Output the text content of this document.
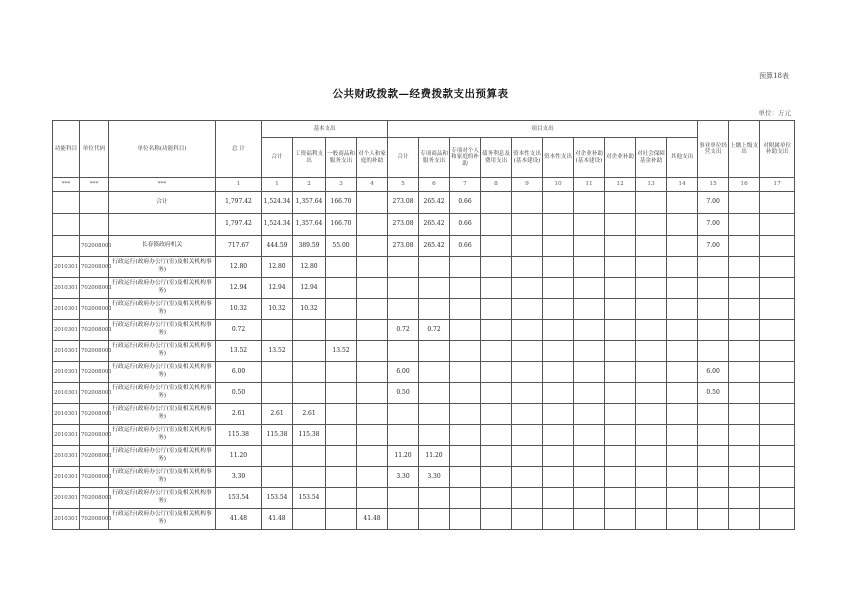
预算18表
公共财政拨款—经费拨款支出预算表
单位：万元
功能科目	单位代码	单位名称(功能科目)	总 计	基本支出				项目支出										事业单位经营支出	上缴上级支出	对附属单位补助支出	
				合计	工资福利支出	一般商品和服务支出	对个人和家庭的补助	合计	专项商品和服务支出	专项对个人和家庭的补助	债务利息及费用支出	资本性支出(基本建设)	资本性支出	对企业补助(基本建设)	对企业补助	对社会保障基金补助	其他支出				
***	***	***	1	1	2	3	4	5	6	7	8	9	10	11	12	13	14	15	16	17	
		合计	1,797.42	1,524.34	1,357.64	166.70		273.08	265.42	0.66								7.00			
			1,797.42	1,524.34	1,357.64	166.70		273.08	265.42	0.66								7.00			
	702008001	长春镇政府机关	717.67	444.59	389.59	55.00		273.08	265.42	0.66								7.00			
2010301	702008001	行政运行(政府办公厅(室)及相关机构事务)	12.80	12.80	12.80																
2010301	702008001	行政运行(政府办公厅(室)及相关机构事务)	12.94	12.94	12.94																
2010301	702008001	行政运行(政府办公厅(室)及相关机构事务)	10.32	10.32	10.32																
2010301	702008001	行政运行(政府办公厅(室)及相关机构事务)	0.72					0.72	0.72												
2010301	702008001	行政运行(政府办公厅(室)及相关机构事务)	13.52	13.52		13.52															
2010301	702008001	行政运行(政府办公厅(室)及相关机构事务)	6.00					6.00										6.00			
2010301	702008001	行政运行(政府办公厅(室)及相关机构事务)	0.50					0.50										0.50			
2010301	702008001	行政运行(政府办公厅(室)及相关机构事务)	2.61	2.61	2.61																
2010301	702008001	行政运行(政府办公厅(室)及相关机构事务)	115.38	115.38	115.38																
2010301	702008001	行政运行(政府办公厅(室)及相关机构事务)	11.20					11.20	11.20												
2010301	702008001	行政运行(政府办公厅(室)及相关机构事务)	3.30					3.30	3.30												
2010301	702008001	行政运行(政府办公厅(室)及相关机构事务)	153.54	153.54	153.54																
2010301	702008001	行政运行(政府办公厅(室)及相关机构事务)	41.48	41.48			41.48														
